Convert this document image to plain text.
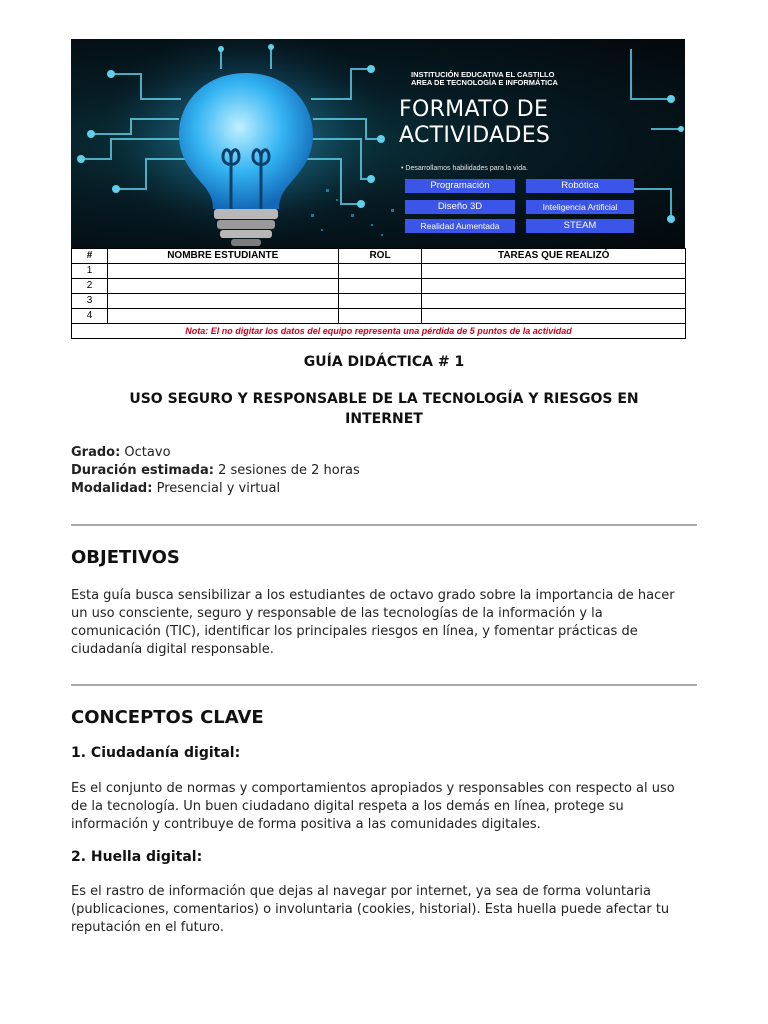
INSTITUCIÓN EDUCATIVA EL CASTILLO
AREA DE TECNOLOGÍA E INFORMÁTICA
FORMATO DE
ACTIVIDADES
• Desarrollamos habilidades para la vida.
Programación	Robótica
Diseño 3D	Inteligencia Artificial
Realidad Aumentada	STEAM
#	NOMBRE ESTUDIANTE	ROL	TAREAS QUE REALIZÓ
1			
2			
3			
4			
Nota: El no digitar los datos del equipo representa una pérdida de 5 puntos de la actividad			
GUÍA DIDÁCTICA # 1
USO SEGURO Y RESPONSABLE DE LA TECNOLOGÍA Y RIESGOS EN
INTERNET
Grado: Octavo
Duración estimada: 2 sesiones de 2 horas
Modalidad: Presencial y virtual
OBJETIVOS
Esta guía busca sensibilizar a los estudiantes de octavo grado sobre la importancia de hacer
un uso consciente, seguro y responsable de las tecnologías de la información y la
comunicación (TIC), identificar los principales riesgos en línea, y fomentar prácticas de
ciudadanía digital responsable.
CONCEPTOS CLAVE
1. Ciudadanía digital:
Es el conjunto de normas y comportamientos apropiados y responsables con respecto al uso
de la tecnología. Un buen ciudadano digital respeta a los demás en línea, protege su
información y contribuye de forma positiva a las comunidades digitales.
2. Huella digital:
Es el rastro de información que dejas al navegar por internet, ya sea de forma voluntaria
(publicaciones, comentarios) o involuntaria (cookies, historial). Esta huella puede afectar tu
reputación en el futuro.
